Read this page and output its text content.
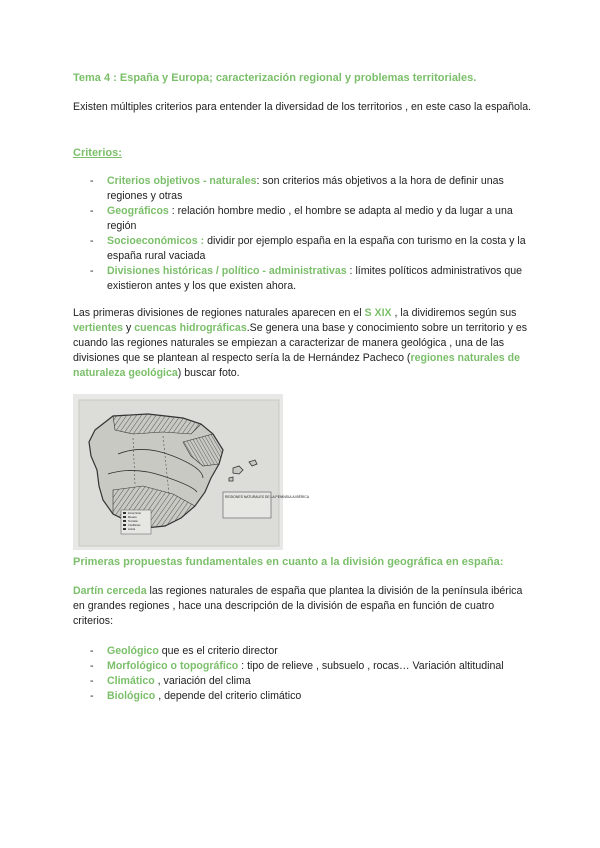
Tema 4 : España y Europa; caracterización regional y problemas territoriales.
Existen múltiples criterios para entender la diversidad de los territorios , en este caso la española.
Criterios:
- Criterios objetivos - naturales: son criterios más objetivos a la hora de definir unas regiones y otras
- Geográficos : relación hombre medio , el hombre se adapta al medio y da lugar a una región
- Socioeconómicos : dividir por ejemplo españa en la españa con turismo en la costa y la españa rural vaciada
- Divisiones históricas / político - administrativas : límites políticos administrativos que existieron antes y los que existen ahora.
Las primeras divisiones de regiones naturales aparecen en el S XIX , la dividiremos según sus vertientes y cuencas hidrográficas.Se genera una base y conocimiento sobre un territorio y es cuando las regiones naturales se empiezan a caracterizar de manera geológica , una de las divisiones que se plantean al respecto sería la de Hernández Pacheco (regiones naturales de naturaleza geológica) buscar foto.
REGIONES NATURALES DE LA PENÍNSULA IBÉRICA
Zona Norte
Meseta
Terciario
Cordilleras
Litoral
Primeras propuestas fundamentales en cuanto a la división geográfica en españa:
Dartín cerceda las regiones naturales de españa que plantea la división de la península ibérica en grandes regiones , hace una descripción de la división de españa en función de cuatro criterios:
- Geológico que es el criterio director
- Morfológico o topográfico : tipo de relieve , subsuelo , rocas… Variación altitudinal
- Climático , variación del clima
- Biológico , depende del criterio climático
